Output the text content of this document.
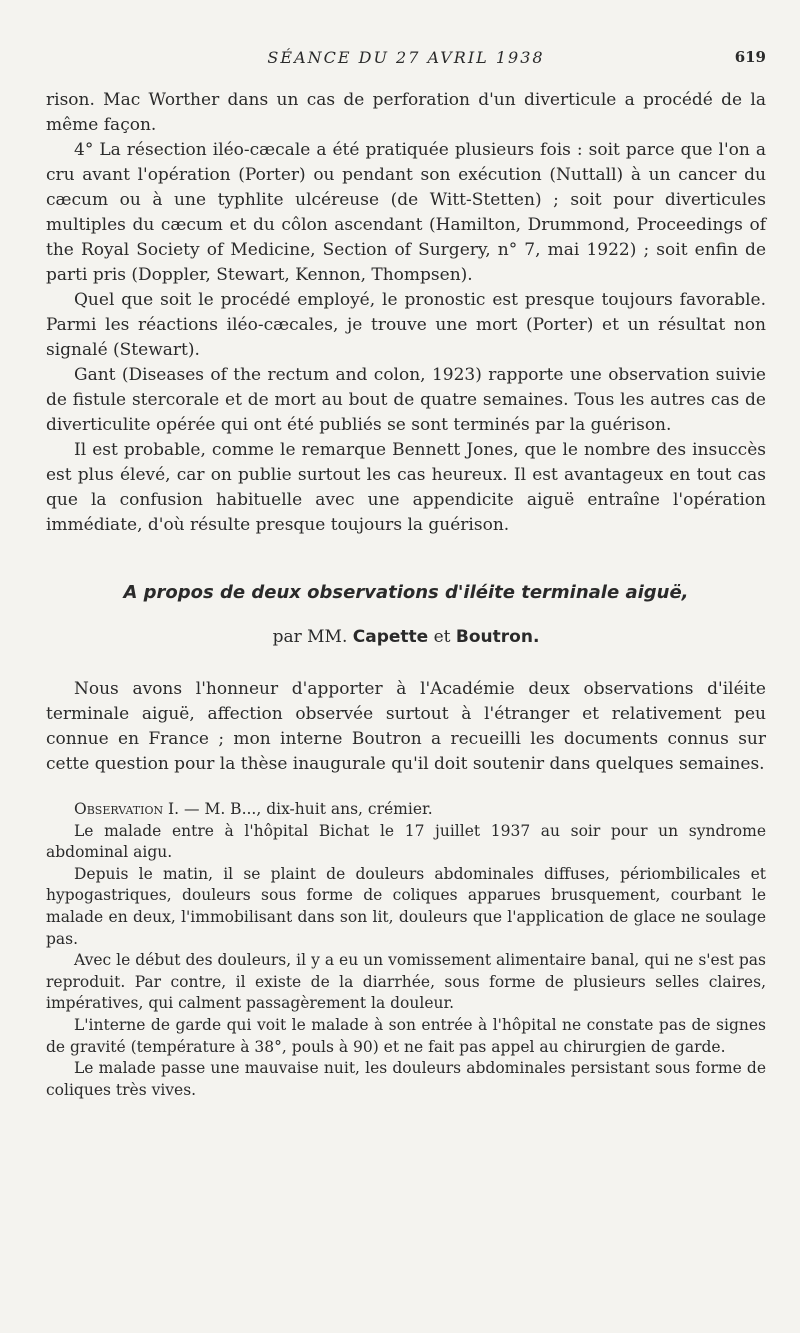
SÉANCE DU 27 AVRIL 1938	619

rison. Mac Worther dans un cas de perforation d'un diverticule a procédé de la même façon.

4° La résection iléo-cæcale a été pratiquée plusieurs fois : soit parce que l'on a cru avant l'opération (Porter) ou pendant son exécution (Nuttall) à un cancer du cæcum ou à une typhlite ulcéreuse (de Witt-Stetten) ; soit pour diverticules multiples du cæcum et du côlon ascendant (Hamilton, Drummond, Proceedings of the Royal Society of Medicine, Section of Surgery, n° 7, mai 1922) ; soit enfin de parti pris (Doppler, Stewart, Kennon, Thompsen).

Quel que soit le procédé employé, le pronostic est presque toujours favorable. Parmi les réactions iléo-cæcales, je trouve une mort (Porter) et un résultat non signalé (Stewart).

Gant (Diseases of the rectum and colon, 1923) rapporte une observation suivie de fistule stercorale et de mort au bout de quatre semaines. Tous les autres cas de diverticulite opérée qui ont été publiés se sont terminés par la guérison.

Il est probable, comme le remarque Bennett Jones, que le nombre des insuccès est plus élevé, car on publie surtout les cas heureux. Il est avantageux en tout cas que la confusion habituelle avec une appendicite aiguë entraîne l'opération immédiate, d'où résulte presque toujours la guérison.

A propos de deux observations d'iléite terminale aiguë,
par MM. Capette et Boutron.

Nous avons l'honneur d'apporter à l'Académie deux observations d'iléite terminale aiguë, affection observée surtout à l'étranger et relativement peu connue en France ; mon interne Boutron a recueilli les documents connus sur cette question pour la thèse inaugurale qu'il doit soutenir dans quelques semaines.

Observation I. — M. B..., dix-huit ans, crémier.

Le malade entre à l'hôpital Bichat le 17 juillet 1937 au soir pour un syndrome abdominal aigu.

Depuis le matin, il se plaint de douleurs abdominales diffuses, périombilicales et hypogastriques, douleurs sous forme de coliques apparues brusquement, courbant le malade en deux, l'immobilisant dans son lit, douleurs que l'application de glace ne soulage pas.

Avec le début des douleurs, il y a eu un vomissement alimentaire banal, qui ne s'est pas reproduit. Par contre, il existe de la diarrhée, sous forme de plusieurs selles claires, impératives, qui calment passagèrement la douleur.

L'interne de garde qui voit le malade à son entrée à l'hôpital ne constate pas de signes de gravité (température à 38°, pouls à 90) et ne fait pas appel au chirurgien de garde.

Le malade passe une mauvaise nuit, les douleurs abdominales persistant sous forme de coliques très vives.
